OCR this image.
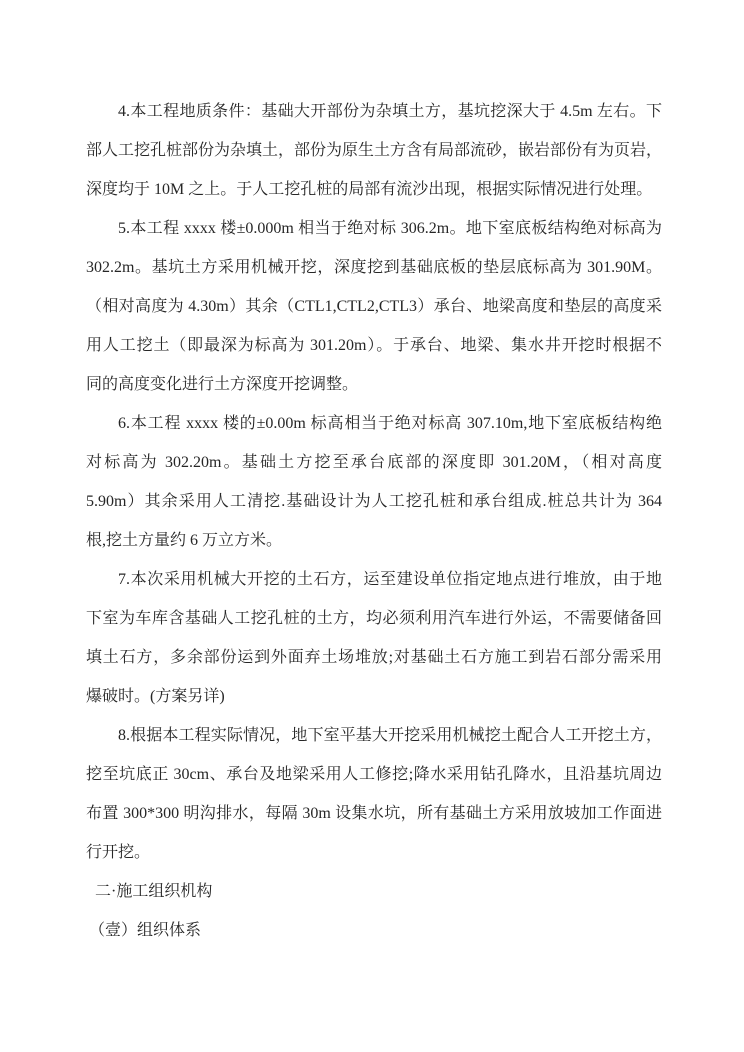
4.本工程地质条件：基础大开部份为杂填土方，基坑挖深大于 4.5m 左右。下
部人工挖孔桩部份为杂填土，部份为原生土方含有局部流砂，嵌岩部份有为页岩，
深度均于 10M 之上。于人工挖孔桩的局部有流沙出现，根据实际情况进行处理。
5.本工程 xxxx 楼±0.000m 相当于绝对标 306.2m。地下室底板结构绝对标高为
302.2m。基坑土方采用机械开挖，深度挖到基础底板的垫层底标高为 301.90M。
（相对高度为 4.30m）其余（CTL1,CTL2,CTL3）承台、地梁高度和垫层的高度采
用人工挖土（即最深为标高为 301.20m）。于承台、地梁、集水井开挖时根据不
同的高度变化进行土方深度开挖调整。
6.本工程 xxxx 楼的±0.00m 标高相当于绝对标高 307.10m,地下室底板结构绝
对标高为 302.20m。基础土方挖至承台底部的深度即 301.20M，（相对高度
5.90m）其余采用人工清挖.基础设计为人工挖孔桩和承台组成.桩总共计为 364
根,挖土方量约 6 万立方米。
7.本次采用机械大开挖的土石方，运至建设单位指定地点进行堆放，由于地
下室为车库含基础人工挖孔桩的土方，均必须利用汽车进行外运，不需要储备回
填土石方，多余部份运到外面弃土场堆放;对基础土石方施工到岩石部分需采用
爆破时。(方案另详)
8.根据本工程实际情况，地下室平基大开挖采用机械挖土配合人工开挖土方，
挖至坑底正 30cm、承台及地梁采用人工修挖;降水采用钻孔降水，且沿基坑周边
布置 300*300 明沟排水，每隔 30m 设集水坑，所有基础土方采用放坡加工作面进
行开挖。
二·施工组织机构
（壹）组织体系
